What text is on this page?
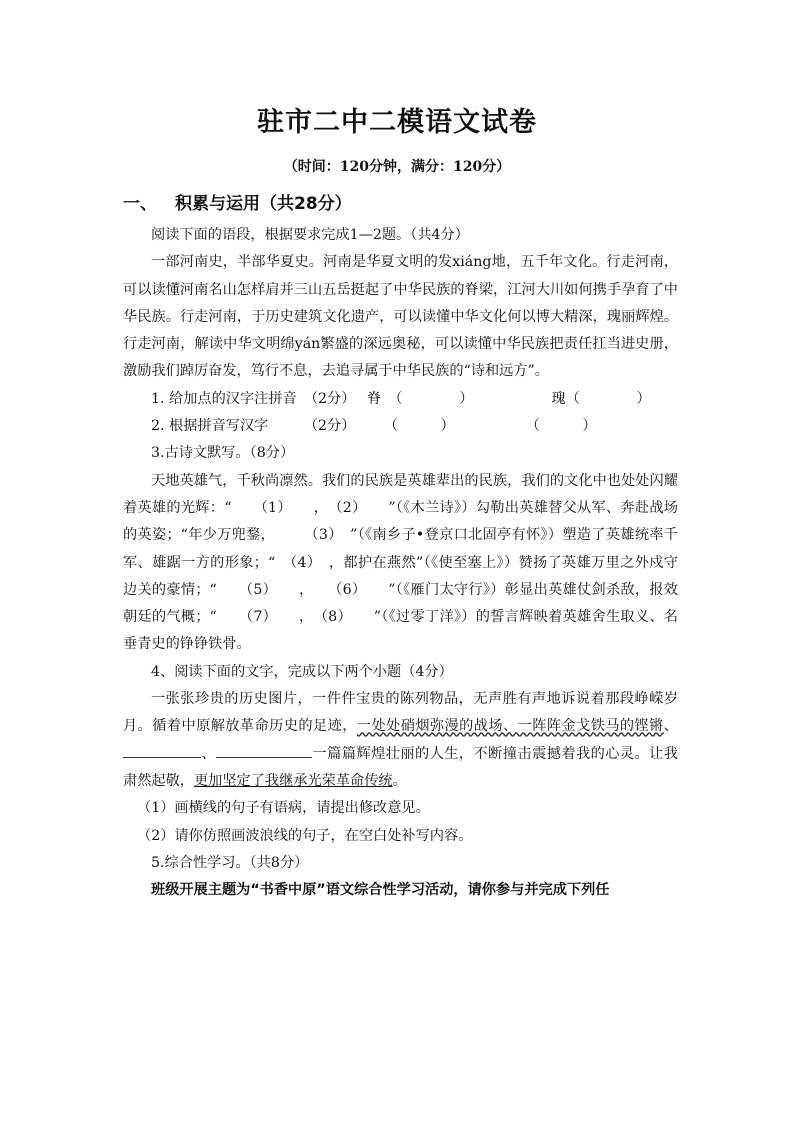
驻市二中二模语文试卷
（时间：120分钟，满分：120分）
一、 积累与运用（共28分）

阅读下面的语段，根据要求完成1—2题。（共4分）

一部河南史，半部华夏史。河南是华夏文明的发xiáng地，五千年文化。行走河南，可以读懂河南名山怎样肩并三山五岳挺起了中华民族的脊梁，江河大川如何携手孕育了中华民族。行走河南，于历史建筑文化遗产，可以读懂中华文化何以博大精深，瑰丽辉煌。行走河南，解读中华文明绵yán繁盛的深远奥秘，可以读懂中华民族把责任扛当进史册，激励我们踔厉奋发，笃行不息，去追寻属于中华民族的“诗和远方”。

1. 给加点的汉字注拼音　（2分）　 脊　（　　　　）　　　　　　瑰（　　　　）

2. 根据拼音写汉字　　　（2分）　　　（　　　）　　　　　　（　　　）

3.古诗文默写。（8分）

天地英雄气，千秋尚凛然。我们的民族是英雄辈出的民族，我们的文化中也处处闪耀着英雄的光辉：“　　（1）　　，　（2）　　”（《木兰诗》）勾勒出英雄替父从军、奔赴战场的英姿；“年少万兜鍪，　　　（3）　”（《南乡子•登京口北固亭有怀》）塑造了英雄统率千军、雄踞一方的形象；“　（4）　，都护在燕然”（《使至塞上》）赞扬了英雄万里之外戍守边关的豪情；“　　（5）　　，　　（6）　　”（《雁门太守行》）彰显出英雄仗剑杀敌，报效朝廷的气概；“　　（7）　　，　（8）　　”（《过零丁洋》）的誓言辉映着英雄舍生取义、名垂青史的铮铮铁骨。

4、阅读下面的文字，完成以下两个小题（4分）

一张张珍贵的历史图片，一件件宝贵的陈列物品，无声胜有声地诉说着那段峥嵘岁月。循着中原解放革命历史的足迹，一处处硝烟弥漫的战场、一阵阵金戈铁马的铿锵、、	一篇篇辉煌壮丽的人生，不断撞击震撼着我的心灵。让我肃然起敬，更加坚定了我继承光荣革命传统。

（1）画横线的句子有语病，请提出修改意见。

（2）请你仿照画波浪线的句子，在空白处补写内容。

5.综合性学习。（共8分）

班级开展主题为“书香中原”语文综合性学习活动，请你参与并完成下列任
